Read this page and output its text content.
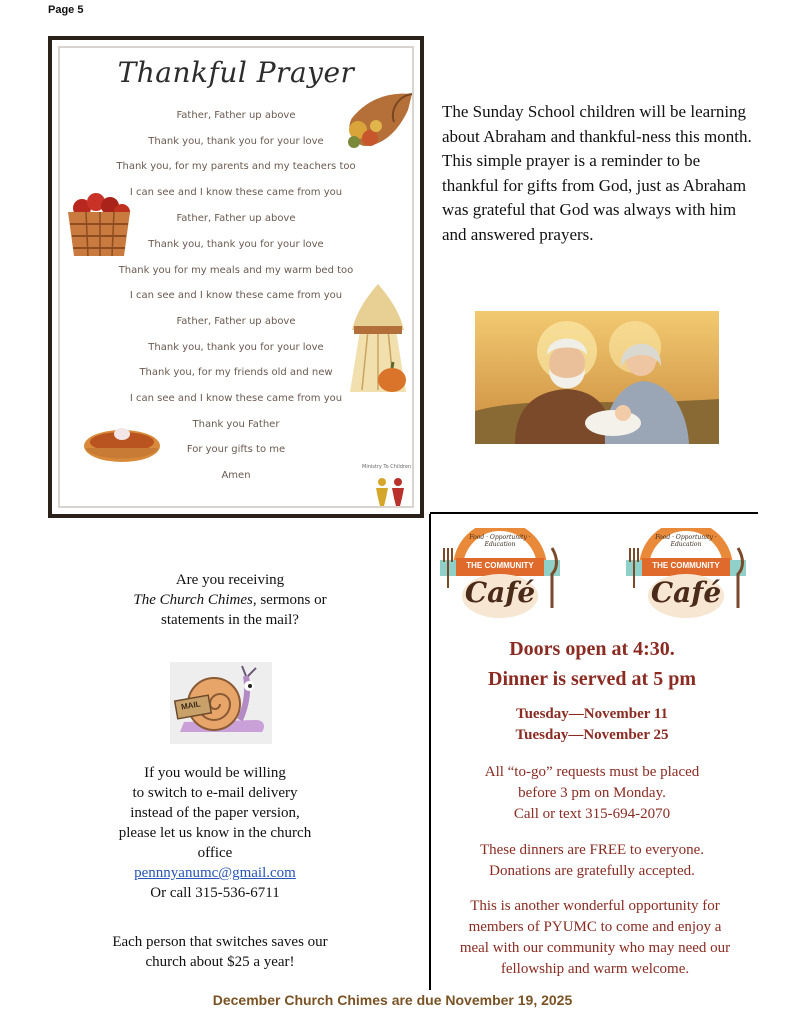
Page 5
Thankful Prayer
Father, Father up above
Thank you, thank you for your love
Thank you, for my parents and my teachers too
I can see and I know these came from you
Father, Father up above
Thank you, thank you for your love
Thank you for my meals and my warm bed too
I can see and I know these came from you
Father, Father up above
Thank you, thank you for your love
Thank you, for my friends old and new
I can see and I know these came from you
Thank you Father
For your gifts to me
Amen
Ministry To Children
The Sunday School children will be learning about Abraham and thankful-ness this month. This simple prayer is a reminder to be thankful for gifts from God, just as Abraham was grateful that God was always with him and answered prayers.
Are you receiving
The Church Chimes, sermons or
statements in the mail?
MAIL
If you would be willing
to switch to e-mail delivery
instead of the paper version,
please let us know in the church
office
pennnyanumc@gmail.com
Or call 315-536-6711
Each person that switches saves our
church about $25 a year!
Food · Opportunity · Education
THE COMMUNITY
Café
Food · Opportunity · Education
THE COMMUNITY
Café
Doors open at 4:30.
Dinner is served at 5 pm
Tuesday—November 11
Tuesday—November 25
All “to-go” requests must be placed
before 3 pm on Monday.
Call or text 315-694-2070
These dinners are FREE to everyone.
Donations are gratefully accepted.
This is another wonderful opportunity for
members of PYUMC to come and enjoy a
meal with our community who may need our
fellowship and warm welcome.
December Church Chimes are due November 19, 2025
